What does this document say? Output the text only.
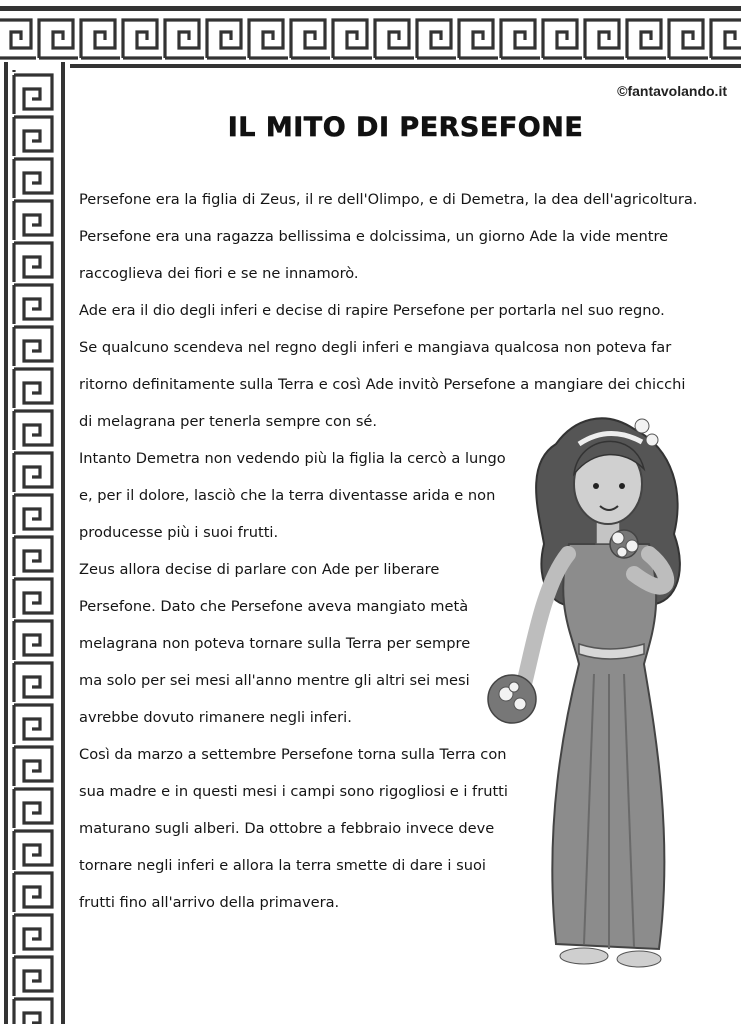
©fantavolando.it
IL MITO DI PERSEFONE
Persefone era la figlia di Zeus, il re dell'Olimpo, e di Demetra, la dea dell'agricoltura.
Persefone era una ragazza bellissima e dolcissima, un giorno Ade la vide mentre
raccoglieva dei fiori e se ne innamorò.
Ade era il dio degli inferi e decise di rapire Persefone per portarla nel suo regno.
Se qualcuno scendeva nel regno degli inferi e mangiava qualcosa non poteva far
ritorno definitamente sulla Terra e così Ade invitò Persefone a mangiare dei chicchi
di melagrana per tenerla sempre con sé.
Intanto Demetra non vedendo più la figlia la cercò a lungo
e, per il dolore, lasciò che la terra diventasse arida e non
producesse più i suoi frutti.
Zeus allora decise di parlare con Ade per liberare
Persefone. Dato che Persefone aveva mangiato metà
melagrana non poteva tornare sulla Terra per sempre
ma solo per sei mesi all'anno mentre gli altri sei mesi
avrebbe dovuto rimanere negli inferi.
Così da marzo a settembre Persefone torna sulla Terra con
sua madre e in questi mesi i campi sono rigogliosi e i frutti
maturano sugli alberi. Da ottobre a febbraio invece deve
tornare negli inferi e allora la terra smette di dare i suoi
frutti fino all'arrivo della primavera.
